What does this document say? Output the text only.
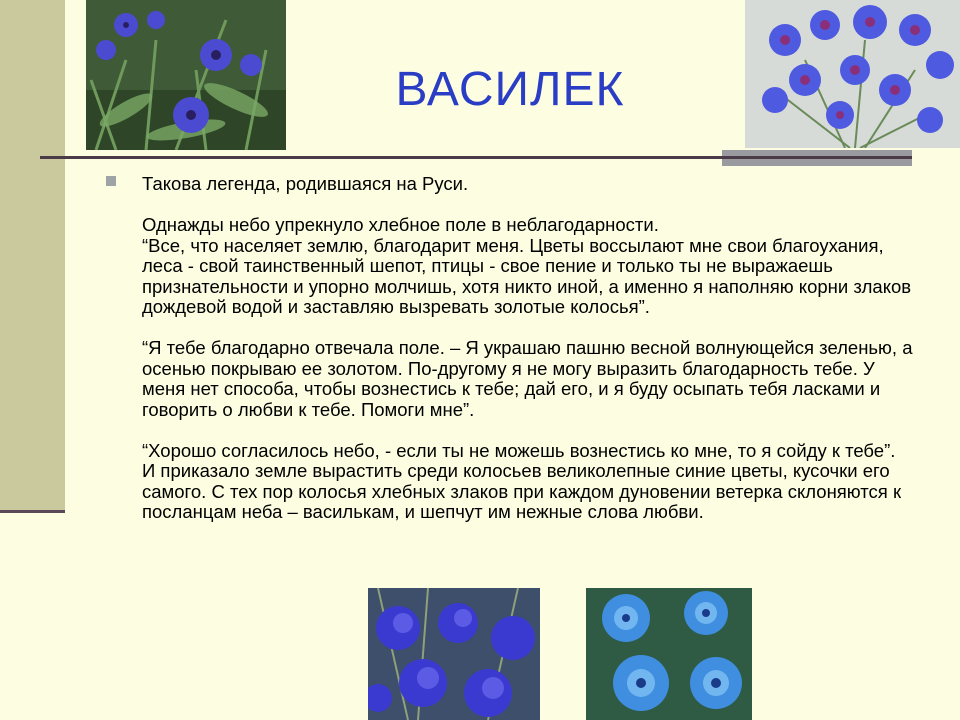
ВАСИЛЕК
Такова легенда, родившаяся на Руси.

Однажды небо упрекнуло хлебное поле в неблагодарности.
“Все, что населяет землю, благодарит меня. Цветы воссылают мне свои благоухания, леса - свой таинственный шепот, птицы - свое пение и только ты не выражаешь признательности и упорно молчишь, хотя никто иной, а именно я наполняю корни злаков дождевой водой и заставляю вызревать золотые колосья”.

“Я тебе благодарно отвечала поле. – Я украшаю пашню весной волнующейся зеленью, а осенью покрываю ее золотом. По-другому я не могу выразить благодарность тебе. У меня нет способа, чтобы вознестись к тебе; дай его, и я буду осыпать тебя ласками и говорить о любви к тебе. Помоги мне”.

“Хорошо согласилось небо, - если ты не можешь вознестись ко мне, то я сойду к тебе”.
И приказало земле вырастить среди колосьев великолепные синие цветы, кусочки его самого. С тех пор колосья хлебных злаков при каждом дуновении ветерка склоняются к посланцам неба – василькам, и шепчут им нежные слова любви.
